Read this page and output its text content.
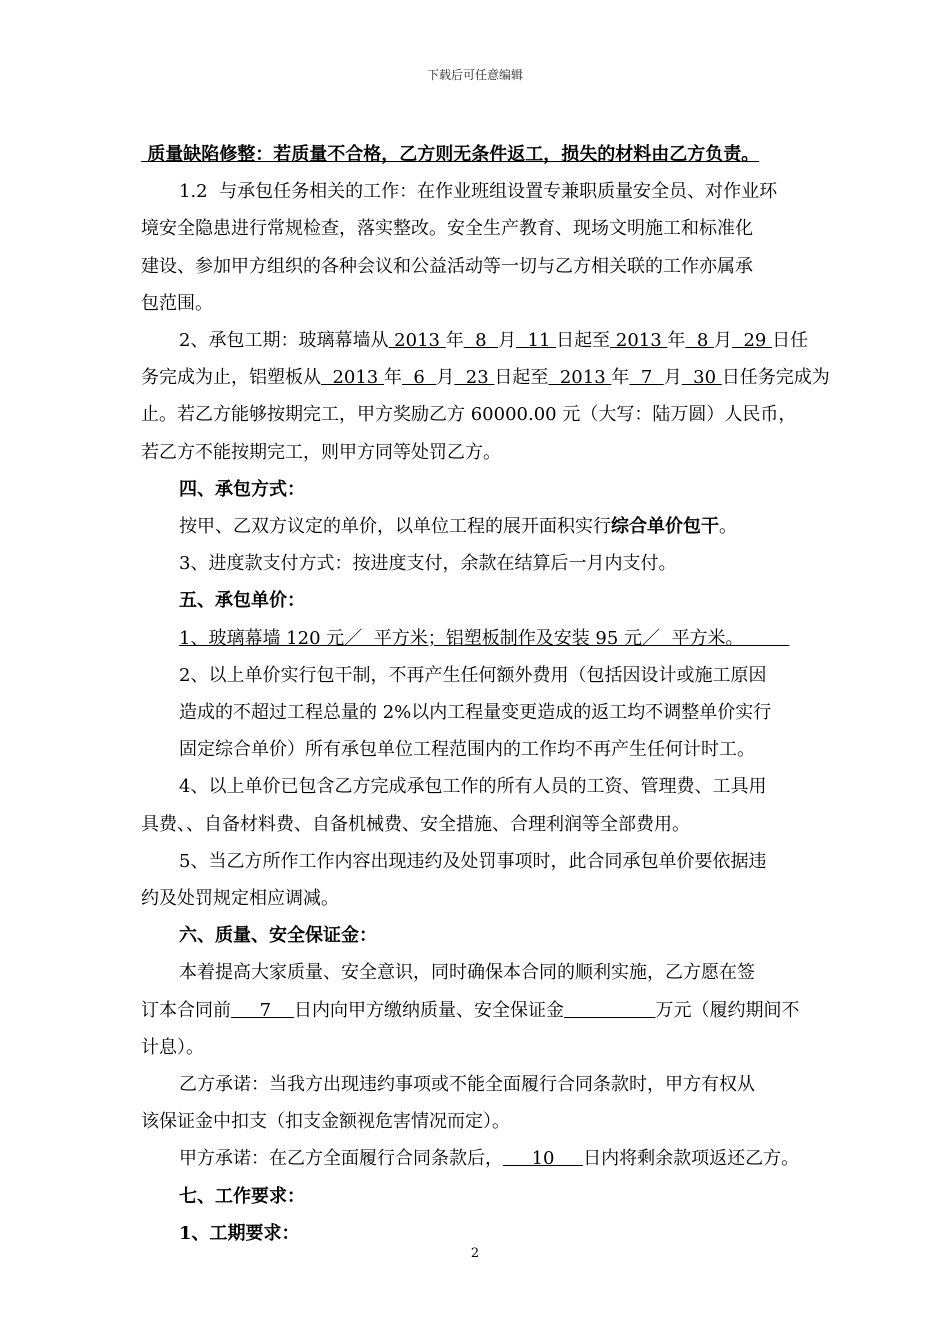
下载后可任意编辑

质量缺陷修整：若质量不合格，乙方则无条件返工，损失的材料由乙方负责。

1.2  与承包任务相关的工作：在作业班组设置专兼职质量安全员、对作业环

境安全隐患进行常规检查，落实整改。安全生产教育、现场文明施工和标准化

建设、参加甲方组织的各种会议和公益活动等一切与乙方相关联的工作亦属承

包范围。

2、承包工期：玻璃幕墙从 2013 年  8  月  11 日起至 2013 年  8 月  29 日任

务完成为止，铝塑板从  2013 年  6  月  23 日起至  2013 年  7  月  30 日任务完成为

止。若乙方能够按期完工，甲方奖励乙方 60000.00 元（大写：陆万圆）人民币，

若乙方不能按期完工，则甲方同等处罚乙方。

四、承包方式：

按甲、乙双方议定的单价，以单位工程的展开面积实行综合单价包干。

3、进度款支付方式：按进度支付，余款在结算后一月内支付。

五、承包单价：

1、玻璃幕墙 120 元／  平方米；铝塑板制作及安装 95 元／  平方米。

2、以上单价实行包干制，不再产生任何额外费用（包括因设计或施工原因

造成的不超过工程总量的 2%以内工程量变更造成的返工均不调整单价实行

固定综合单价）所有承包单位工程范围内的工作均不再产生任何计时工。

4、以上单价已包含乙方完成承包工作的所有人员的工资、管理费、工具用

具费、、自备材料费、自备机械费、安全措施、合理利润等全部费用。

5、当乙方所作工作内容出现违约及处罚事项时，此合同承包单价要依据违

约及处罚规定相应调减。

六、质量、安全保证金：

本着提高大家质量、安全意识，同时确保本合同的顺利实施，乙方愿在签

订本合同前     7    日内向甲方缴纳质量、安全保证金	万元（履约期间不

计息）。

乙方承诺：当我方出现违约事项或不能全面履行合同条款时，甲方有权从

该保证金中扣支（扣支金额视危害情况而定）。

甲方承诺：在乙方全面履行合同条款后，     10     日内将剩余款项返还乙方。

七、工作要求：

1、工期要求：

2
